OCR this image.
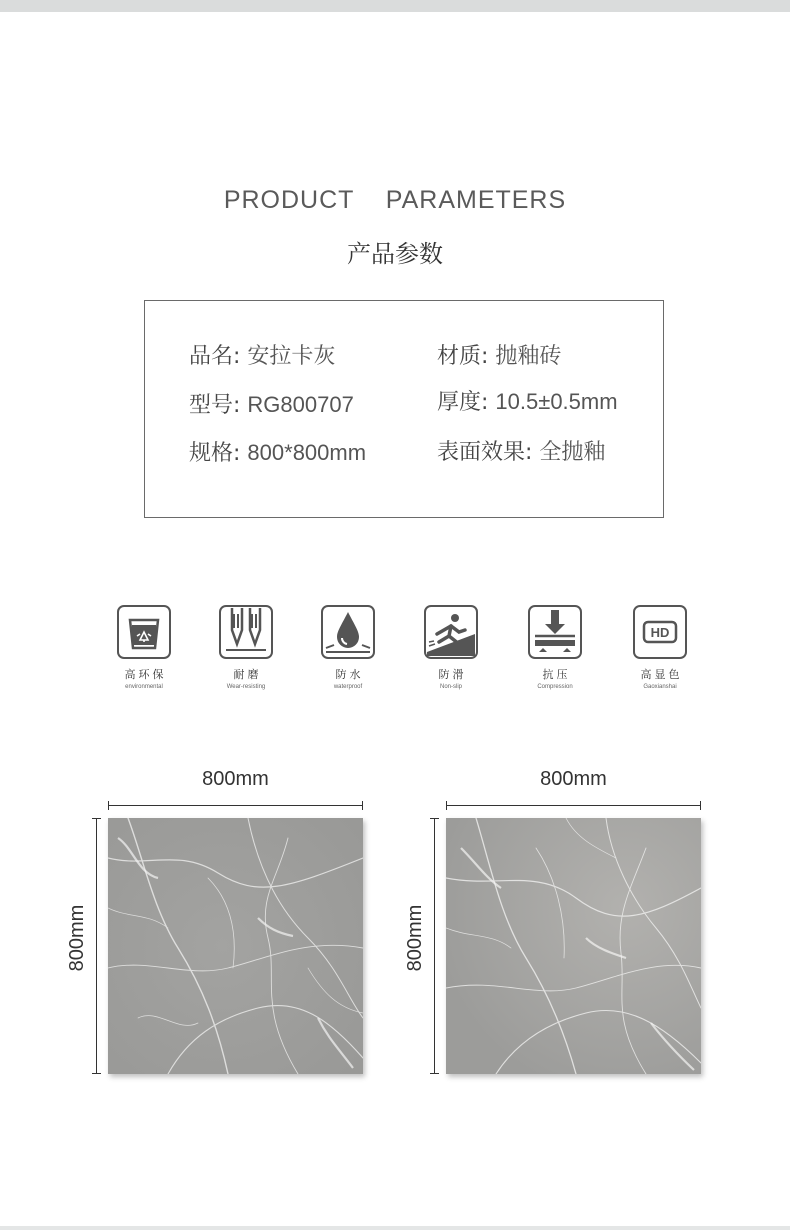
PRODUCT    PARAMETERS
产品参数
品名: 安拉卡灰	材质: 抛釉砖
型号: RG800707	厚度: 10.5±0.5mm
规格: 800*800mm	表面效果: 全抛釉
高环保
environmental
耐磨
Wear-resisting
防水
waterproof
防滑
Non-slip
抗压
Compression
HD
高显色
Gaoxianshai
800mm
800mm
800mm
800mm
